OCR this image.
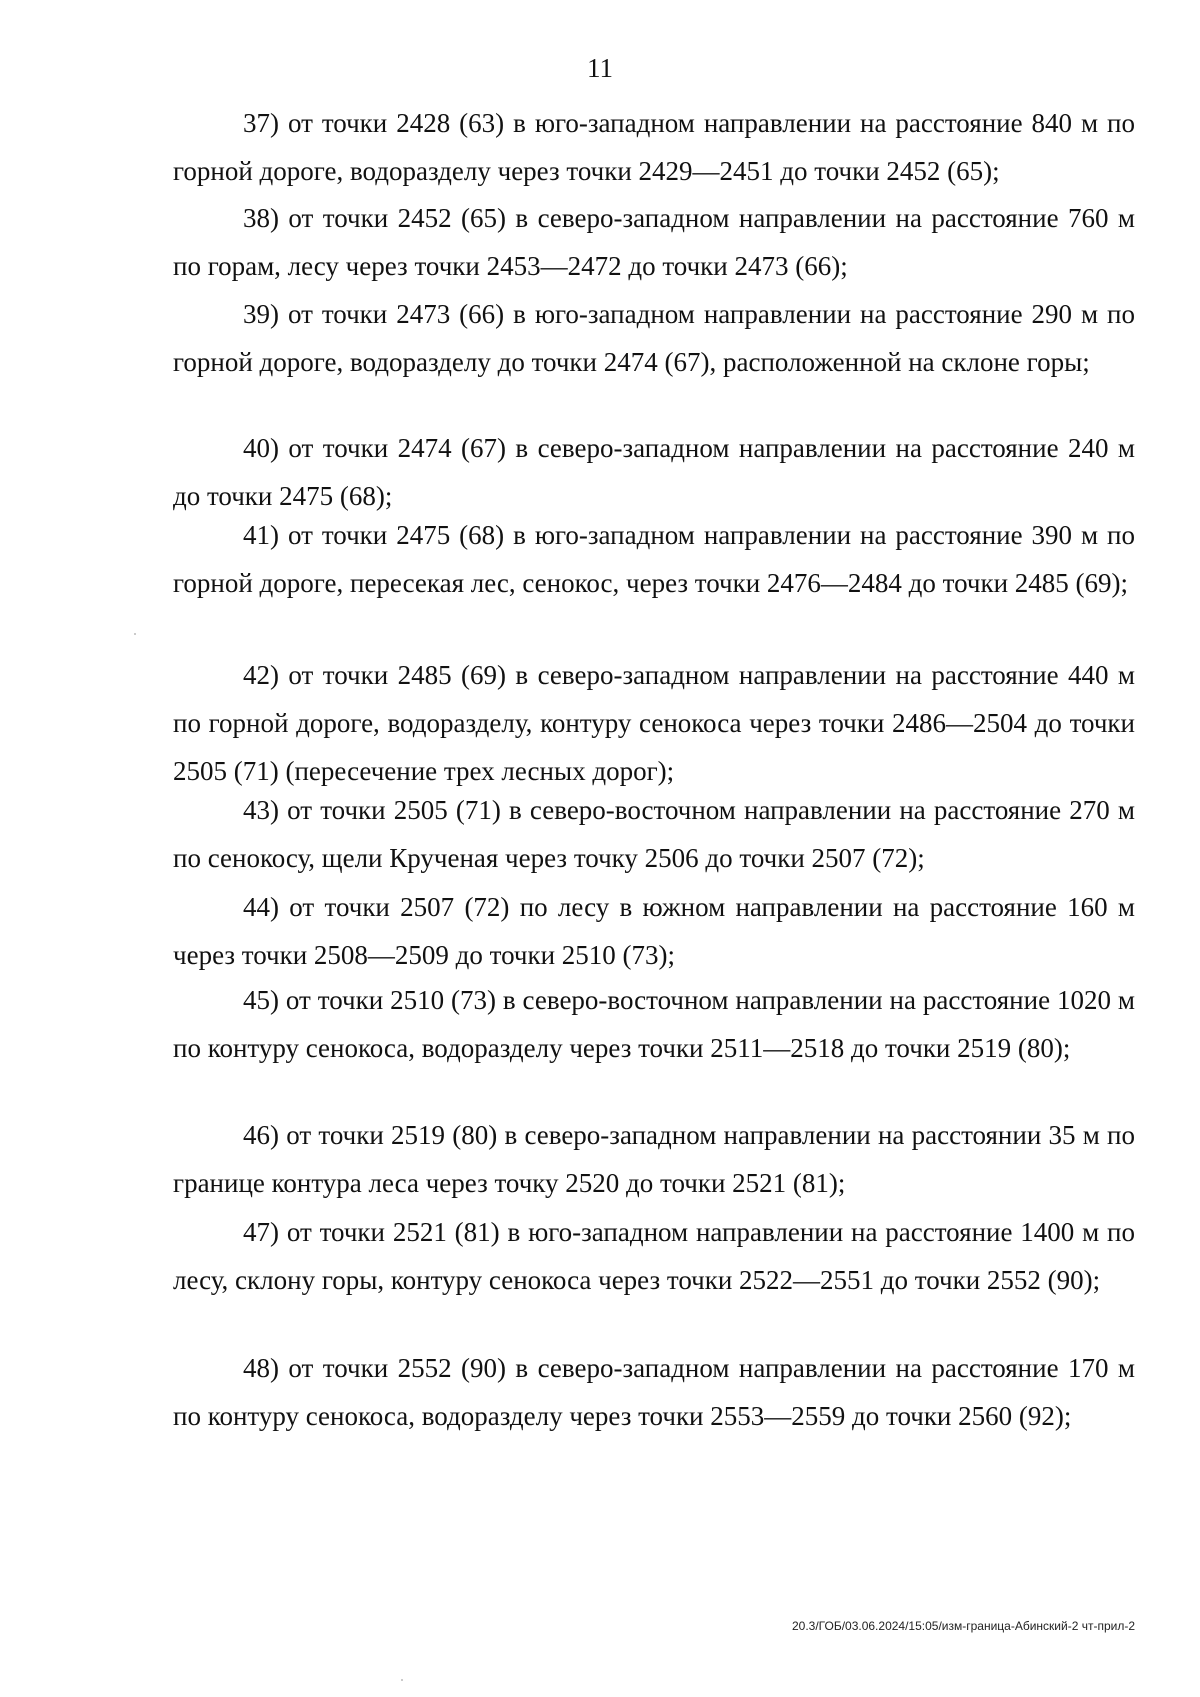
11

37) от точки 2428 (63) в юго-западном направлении на расстояние 840 м по горной дороге, водоразделу через точки 2429—2451 до точки 2452 (65);

38) от точки 2452 (65) в северо-западном направлении на расстояние 760 м по горам, лесу через точки 2453—2472 до точки 2473 (66);

39) от точки 2473 (66) в юго-западном направлении на расстояние 290 м по горной дороге, водоразделу до точки 2474 (67), расположенной на склоне горы;

40) от точки 2474 (67) в северо-западном направлении на расстояние 240 м до точки 2475 (68);

41) от точки 2475 (68) в юго-западном направлении на расстояние 390 м по горной дороге, пересекая лес, сенокос, через точки 2476—2484 до точки 2485 (69);

42) от точки 2485 (69) в северо-западном направлении на расстояние 440 м по горной дороге, водоразделу, контуру сенокоса через точки 2486—2504 до точки 2505 (71) (пересечение трех лесных дорог);

43) от точки 2505 (71) в северо-восточном направлении на расстояние 270 м по сенокосу, щели Крученая через точку 2506 до точки 2507 (72);

44) от точки 2507 (72) по лесу в южном направлении на расстояние 160 м через точки 2508—2509 до точки 2510 (73);

45) от точки 2510 (73) в северо-восточном направлении на расстояние 1020 м по контуру сенокоса, водоразделу через точки 2511—2518 до точки 2519 (80);

46) от точки 2519 (80) в северо-западном направлении на расстоянии 35 м по границе контура леса через точку 2520 до точки 2521 (81);

47) от точки 2521 (81) в юго-западном направлении на расстояние 1400 м по лесу, склону горы, контуру сенокоса через точки 2522—2551 до точки 2552 (90);

48) от точки 2552 (90) в северо-западном направлении на расстояние 170 м по контуру сенокоса, водоразделу через точки 2553—2559 до точки 2560 (92);

20.3/ГОБ/03.06.2024/15:05/изм-граница-Абинский-2 чт-прил-2
